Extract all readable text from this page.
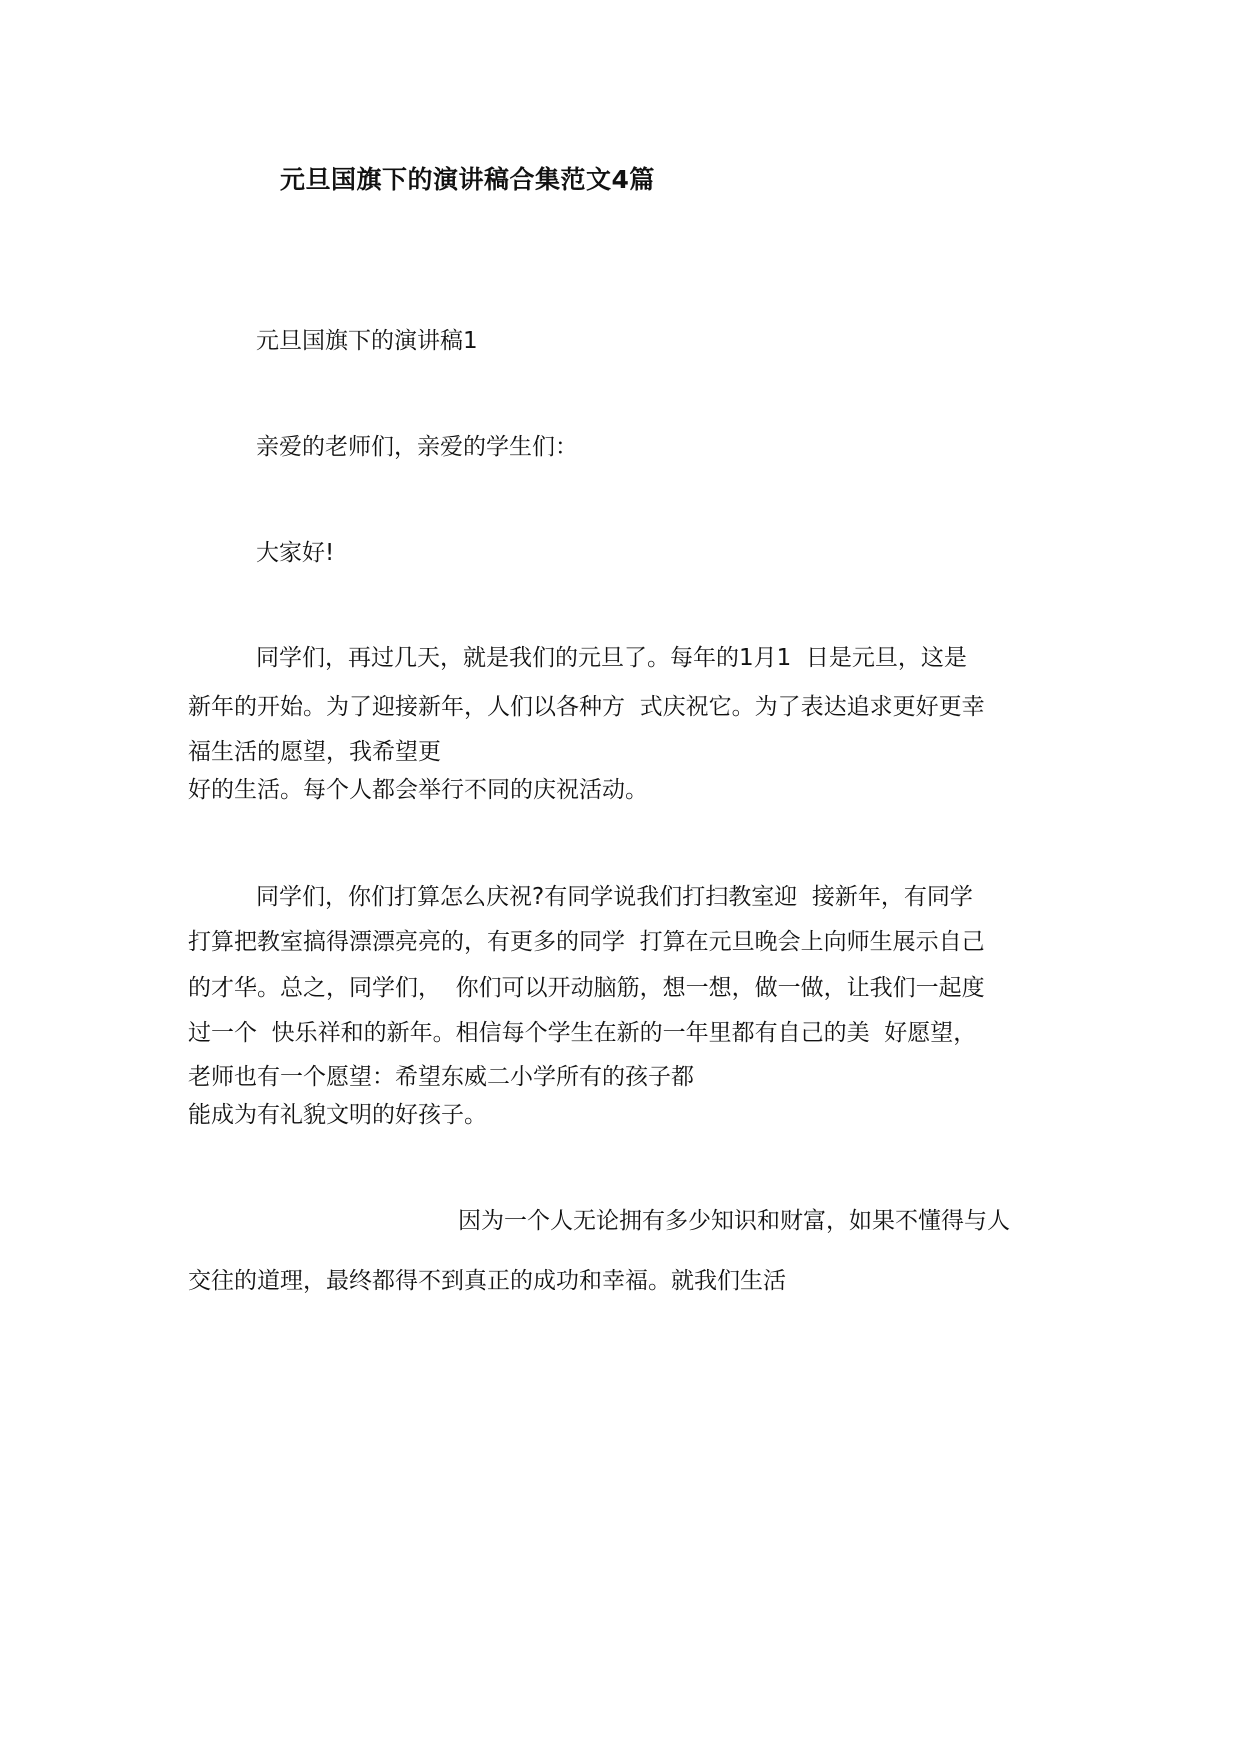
元旦国旗下的演讲稿合集范文4篇

元旦国旗下的演讲稿1

亲爱的老师们，亲爱的学生们：

大家好!

同学们，再过几天，就是我们的元旦了。每年的1月1  日是元旦，这是

新年的开始。为了迎接新年，人们以各种方  式庆祝它。为了表达追求更好更幸

福生活的愿望，我希望更

好的生活。每个人都会举行不同的庆祝活动。

同学们，你们打算怎么庆祝?有同学说我们打扫教室迎  接新年，有同学

打算把教室搞得漂漂亮亮的，有更多的同学  打算在元旦晚会上向师生展示自己

的才华。总之，同学们，  你们可以开动脑筋，想一想，做一做，让我们一起度

过一个  快乐祥和的新年。相信每个学生在新的一年里都有自己的美  好愿望，

老师也有一个愿望：希望东威二小学所有的孩子都

能成为有礼貌文明的好孩子。

因为一个人无论拥有多少知识和财富，如果不懂得与人

交往的道理，最终都得不到真正的成功和幸福。就我们生活
